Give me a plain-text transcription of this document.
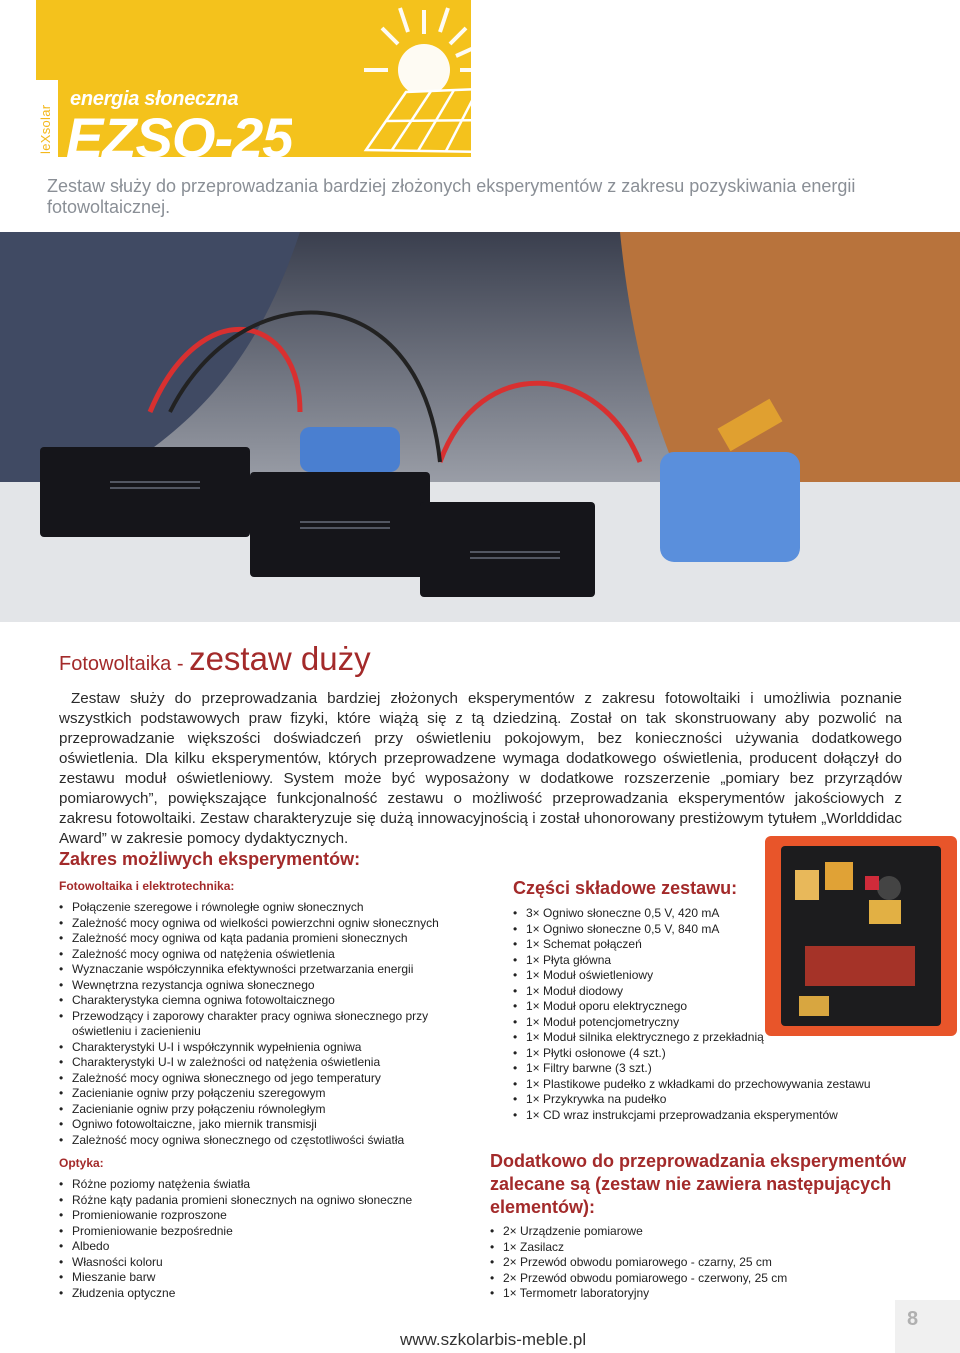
energia słoneczna
EZSO-25
leXsolar
Zestaw służy do przeprowadzania bardziej złożonych eksperymentów z zakresu pozyskiwania energii fotowoltaicznej.
Fotowoltaika - zestaw duży
Zestaw służy do przeprowadzania bardziej złożonych eksperymentów z zakresu fotowoltaiki i umożliwia poznanie wszystkich podstawowych praw fizyki, które wiążą się z tą dziedziną. Został on tak skonstruowany aby pozwolić na przeprowadzanie większości doświadczeń przy oświetleniu pokojowym, bez konieczności używania dodatkowego oświetlenia. Dla kilku eksperymentów, których przeprowadzene wymaga dodatkowego oświetlenia, producent dołączył do zestawu moduł oświetleniowy. System może być wyposażony w dodatkowe rozszerzenie „pomiary bez przyrządów pomiarowych”, powiększające funkcjonalność zestawu o możliwość przeprowadzania eksperymentów jakościowych z zakresu fotowoltaiki. Zestaw charakteryzuje się dużą innowacyjnością i został uhonorowany prestiżowym tytułem „Worlddidac Award” w zakresie pomocy dydaktycznych.
Zakres możliwych eksperymentów:
Fotowoltaika i elektrotechnika:
• Połączenie szeregowe i równoległe ogniw słonecznych
• Zależność mocy ogniwa od wielkości powierzchni ogniw słonecznych
• Zależność mocy ogniwa od kąta padania promieni słonecznych
• Zależność mocy ogniwa od natężenia oświetlenia
• Wyznaczanie współczynnika efektywności przetwarzania energii
• Wewnętrzna rezystancja ogniwa słonecznego
• Charakterystyka ciemna ogniwa fotowoltaicznego
• Przewodzący i zaporowy charakter pracy ogniwa słonecznego przy oświetleniu i zacienieniu
• Charakterystyki U-I i współczynnik wypełnienia ogniwa
• Charakterystyki U-I w zależności od natężenia oświetlenia
• Zależność mocy ogniwa słonecznego od jego temperatury
• Zacienianie ogniw przy połączeniu szeregowym
• Zacienianie ogniw przy połączeniu równoległym
• Ogniwo fotowoltaiczne, jako miernik transmisji
• Zależność mocy ogniwa słonecznego od częstotliwości światła
Optyka:
• Różne poziomy natężenia światła
• Różne kąty padania promieni słonecznych na ogniwo słoneczne
• Promieniowanie rozproszone
• Promieniowanie bezpośrednie
• Albedo
• Własności koloru
• Mieszanie barw
• Złudzenia optyczne
Części składowe zestawu:
• 3× Ogniwo słoneczne 0,5 V, 420 mA
• 1× Ogniwo słoneczne 0,5 V, 840 mA
• 1× Schemat połączeń
• 1× Płyta główna
• 1× Moduł oświetleniowy
• 1× Moduł diodowy
• 1× Moduł oporu elektrycznego
• 1× Moduł potencjometryczny
• 1× Moduł silnika elektrycznego z przekładnią
• 1× Płytki osłonowe (4 szt.)
• 1× Filtry barwne (3 szt.)
• 1× Plastikowe pudełko z wkładkami do przechowywania zestawu
• 1× Przykrywka na pudełko
• 1× CD wraz instrukcjami przeprowadzania eksperymentów
Dodatkowo do przeprowadzania eksperymentów zalecane są (zestaw nie zawiera następujących elementów):
• 2× Urządzenie pomiarowe
• 1× Zasilacz
• 2× Przewód obwodu pomiarowego - czarny, 25 cm
• 2× Przewód obwodu pomiarowego - czerwony, 25 cm
• 1× Termometr laboratoryjny
www.szkolarbis-meble.pl
8
